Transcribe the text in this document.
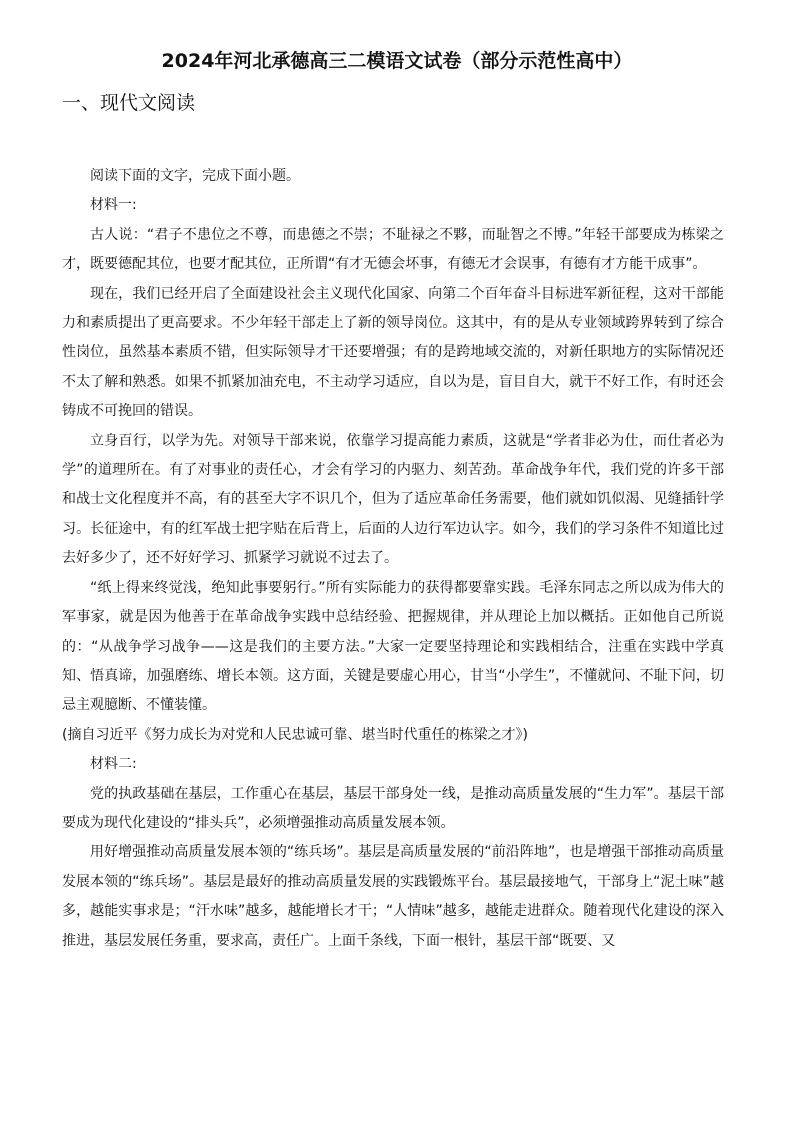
2024年河北承德高三二模语文试卷（部分示范性高中）
一、现代文阅读

阅读下面的文字，完成下面小题。

材料一:

古人说：“君子不患位之不尊，而患德之不崇；不耻禄之不夥，而耻智之不博。”年轻干部要成为栋梁之才，既要德配其位，也要才配其位，正所谓“有才无德会坏事，有德无才会误事，有德有才方能干成事”。

现在，我们已经开启了全面建设社会主义现代化国家、向第二个百年奋斗目标进军新征程，这对干部能力和素质提出了更高要求。不少年轻干部走上了新的领导岗位。这其中，有的是从专业领域跨界转到了综合性岗位，虽然基本素质不错，但实际领导才干还要增强；有的是跨地域交流的，对新任职地方的实际情况还不太了解和熟悉。如果不抓紧加油充电，不主动学习适应，自以为是，盲目自大，就干不好工作，有时还会铸成不可挽回的错误。

立身百行，以学为先。对领导干部来说，依靠学习提高能力素质，这就是“学者非必为仕，而仕者必为学”的道理所在。有了对事业的责任心，才会有学习的内驱力、刻苦劲。革命战争年代，我们党的许多干部和战士文化程度并不高，有的甚至大字不识几个，但为了适应革命任务需要，他们就如饥似渴、见缝插针学习。长征途中，有的红军战士把字贴在后背上，后面的人边行军边认字。如今，我们的学习条件不知道比过去好多少了，还不好好学习、抓紧学习就说不过去了。

“纸上得来终觉浅，绝知此事要躬行。”所有实际能力的获得都要靠实践。毛泽东同志之所以成为伟大的军事家，就是因为他善于在革命战争实践中总结经验、把握规律，并从理论上加以概括。正如他自己所说的：“从战争学习战争——这是我们的主要方法。”大家一定要坚持理论和实践相结合，注重在实践中学真知、悟真谛，加强磨练、增长本领。这方面，关键是要虚心用心，甘当“小学生”，不懂就问、不耻下问，切忌主观臆断、不懂装懂。

(摘自习近平《努力成长为对党和人民忠诚可靠、堪当时代重任的栋梁之才》)

材料二:

党的执政基础在基层，工作重心在基层，基层干部身处一线，是推动高质量发展的“生力军”。基层干部要成为现代化建设的“排头兵”，必须增强推动高质量发展本领。

用好增强推动高质量发展本领的“练兵场”。基层是高质量发展的“前沿阵地”，也是增强干部推动高质量发展本领的“练兵场”。基层是最好的推动高质量发展的实践锻炼平台。基层最接地气，干部身上“泥土味”越多，越能实事求是；“汗水味”越多，越能增长才干；“人情味”越多，越能走进群众。随着现代化建设的深入推进，基层发展任务重，要求高，责任广。上面千条线，下面一根针，基层干部“既要、又
